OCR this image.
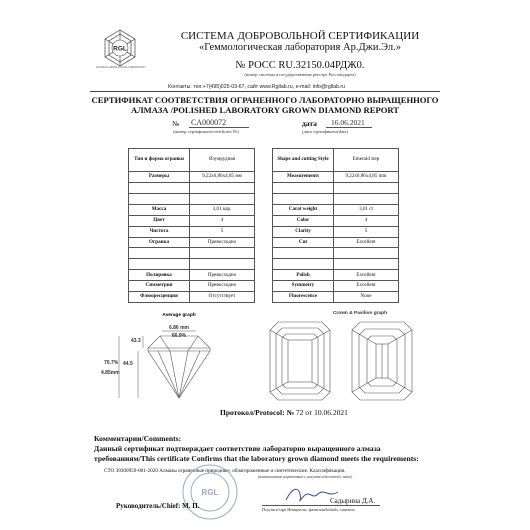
RGL
RUSSIAN GEMOLOGICAL LABORATORY
СИСТЕМА ДОБРОВОЛЬНОЙ СЕРТИФИКАЦИИ
«Геммологическая лаборатория Ар.Джи.Эл.»
№ РОСС RU.32150.04РДЖ0.
(номер системы в государственном реестре Росстандарта)
Контакты: тел.+7(495)025-03-67, сайт www.Rgllab.ru, e-mail: info@rgllab.ru
СЕРТИФИКАТ СООТВЕТСТВИЯ ОГРАНЕННОГО ЛАБОРАТОРНО ВЫРАЩЕННОГО
АЛМАЗА /POLISHED LABORATORY GROWN DIAMOND REPORT
№ CA000072
(номер сертификата/certificate №)
дата 16.06.2021
(дата сертификата/date)
Тип и форма огранки	Изумрудная
Размеры	9,22x6,86x4,85 мм

Масса	3,01 кар.
Цвет	4
Чистота	5
Огранка	Превосходно

Полировка	Превосходно
Симметрия	Превосходно
Флюоресценция	Отсутствует
Shape and cutting Style	Emerald step
Measurements	9,22x6,86x4,85 mm

Carat weight	3,01 ct
Color	4
Clarity	5
Cut	Excellent

Polish	Excellent
Symmetry	Excellent
Fluorescence	None
Average graph
6.86 mm
66.9%
43.3
70.7% 44.5
4.85mm
Crown & Pavilion graph
Протокол/Protocol: № 72 от 10.06.2021
Комментарии/Comments:
Данный сертификат подтверждает соответствие лабораторно выращенного алмаза
требованиям/This certificate Confirms that the laboratory grown diamond meets the requirements:
СТО 39300959-001-2020 Алмазы ограненные природные, облагороженные и синтетические. Классификация.
(наименование нормативного документа/document's name)
RGL
Руководитель/Chief: М. П.
Садырина Д.А.
Подпись/sign Инициалы, фамилия/Initials, surname
